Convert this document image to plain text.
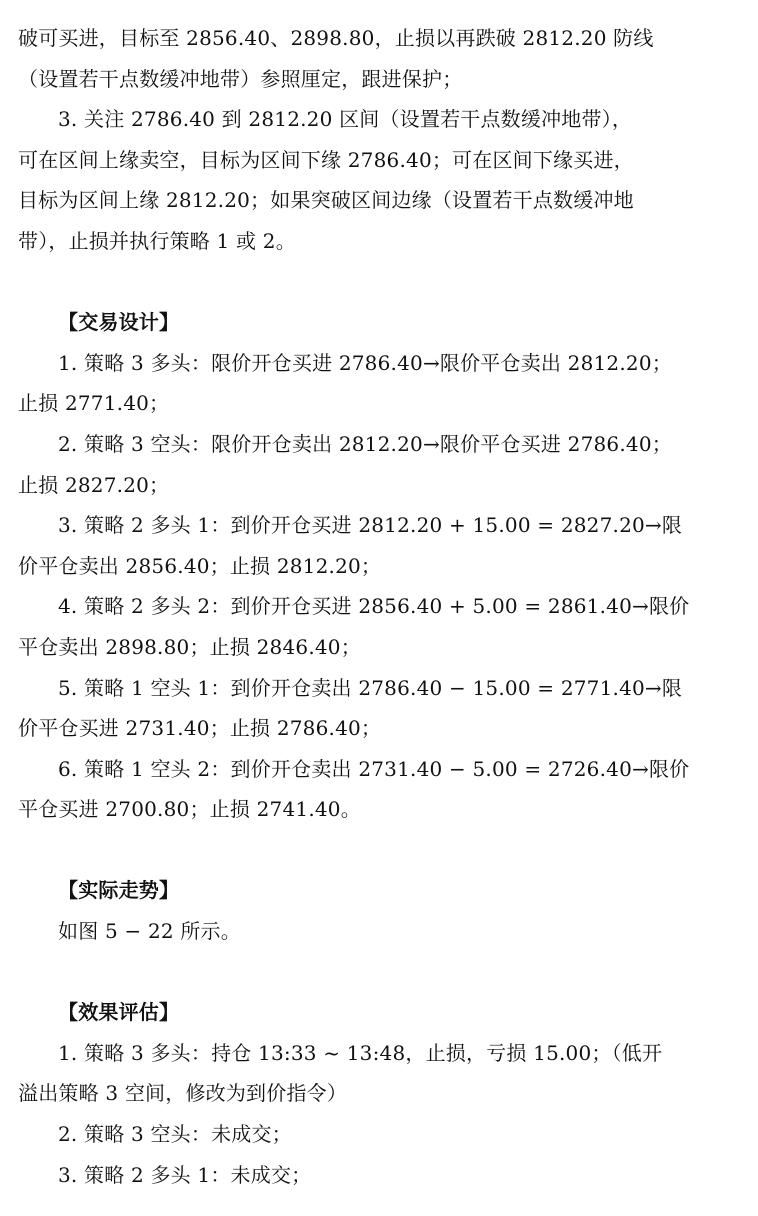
破可买进，目标至 2856.40、2898.80，止损以再跌破 2812.20 防线
（设置若干点数缓冲地带）参照厘定，跟进保护；
3. 关注 2786.40 到 2812.20 区间（设置若干点数缓冲地带），
可在区间上缘卖空，目标为区间下缘 2786.40；可在区间下缘买进，
目标为区间上缘 2812.20；如果突破区间边缘（设置若干点数缓冲地
带），止损并执行策略 1 或 2。
【交易设计】
1. 策略 3 多头：限价开仓买进 2786.40→限价平仓卖出 2812.20；
止损 2771.40；
2. 策略 3 空头：限价开仓卖出 2812.20→限价平仓买进 2786.40；
止损 2827.20；
3. 策略 2 多头 1：到价开仓买进 2812.20 + 15.00 = 2827.20→限
价平仓卖出 2856.40；止损 2812.20；
4. 策略 2 多头 2：到价开仓买进 2856.40 + 5.00 = 2861.40→限价
平仓卖出 2898.80；止损 2846.40；
5. 策略 1 空头 1：到价开仓卖出 2786.40 − 15.00 = 2771.40→限
价平仓买进 2731.40；止损 2786.40；
6. 策略 1 空头 2：到价开仓卖出 2731.40 − 5.00 = 2726.40→限价
平仓买进 2700.80；止损 2741.40。
【实际走势】
如图 5 − 22 所示。
【效果评估】
1. 策略 3 多头：持仓 13:33 ~ 13:48，止损，亏损 15.00；（低开
溢出策略 3 空间，修改为到价指令）
2. 策略 3 空头：未成交；
3. 策略 2 多头 1：未成交；
